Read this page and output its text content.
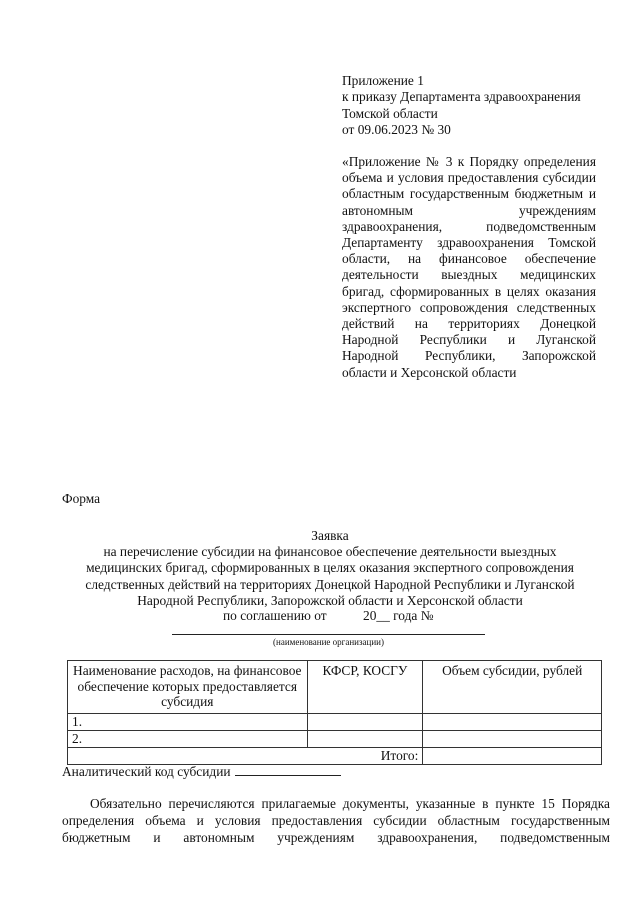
Приложение 1
к приказу Департамента здравоохранения
Томской области
от 09.06.2023 № 30
«Приложение № 3 к Порядку определения объема и условия предоставления субсидии областным государственным бюджетным и автономным учреждениям здравоохранения, подведомственным Департаменту здравоохранения Томской области, на финансовое обеспечение деятельности выездных медицинских бригад, сформированных в целях оказания экспертного сопровождения следственных действий на территориях Донецкой Народной Республики и Луганской Народной Республики, Запорожской области и Херсонской области
Форма
Заявка
на перечисление субсидии на финансовое обеспечение деятельности выездных
медицинских бригад, сформированных в целях оказания экспертного сопровождения
следственных действий на территориях Донецкой Народной Республики и Луганской
Народной Республики, Запорожской области и Херсонской области
по соглашению от	20__ года №
(наименование организации)
Наименование расходов, на финансовое обеспечение которых предоставляется субсидия	КФСР, КОСГУ	Объем субсидии, рублей
1.		
2.		
Итого:		
Аналитический код субсидии
Обязательно перечисляются прилагаемые документы, указанные в пункте 15 Порядка
определения объема и условия предоставления субсидии областным государственным
бюджетным и автономным учреждениям здравоохранения, подведомственным
